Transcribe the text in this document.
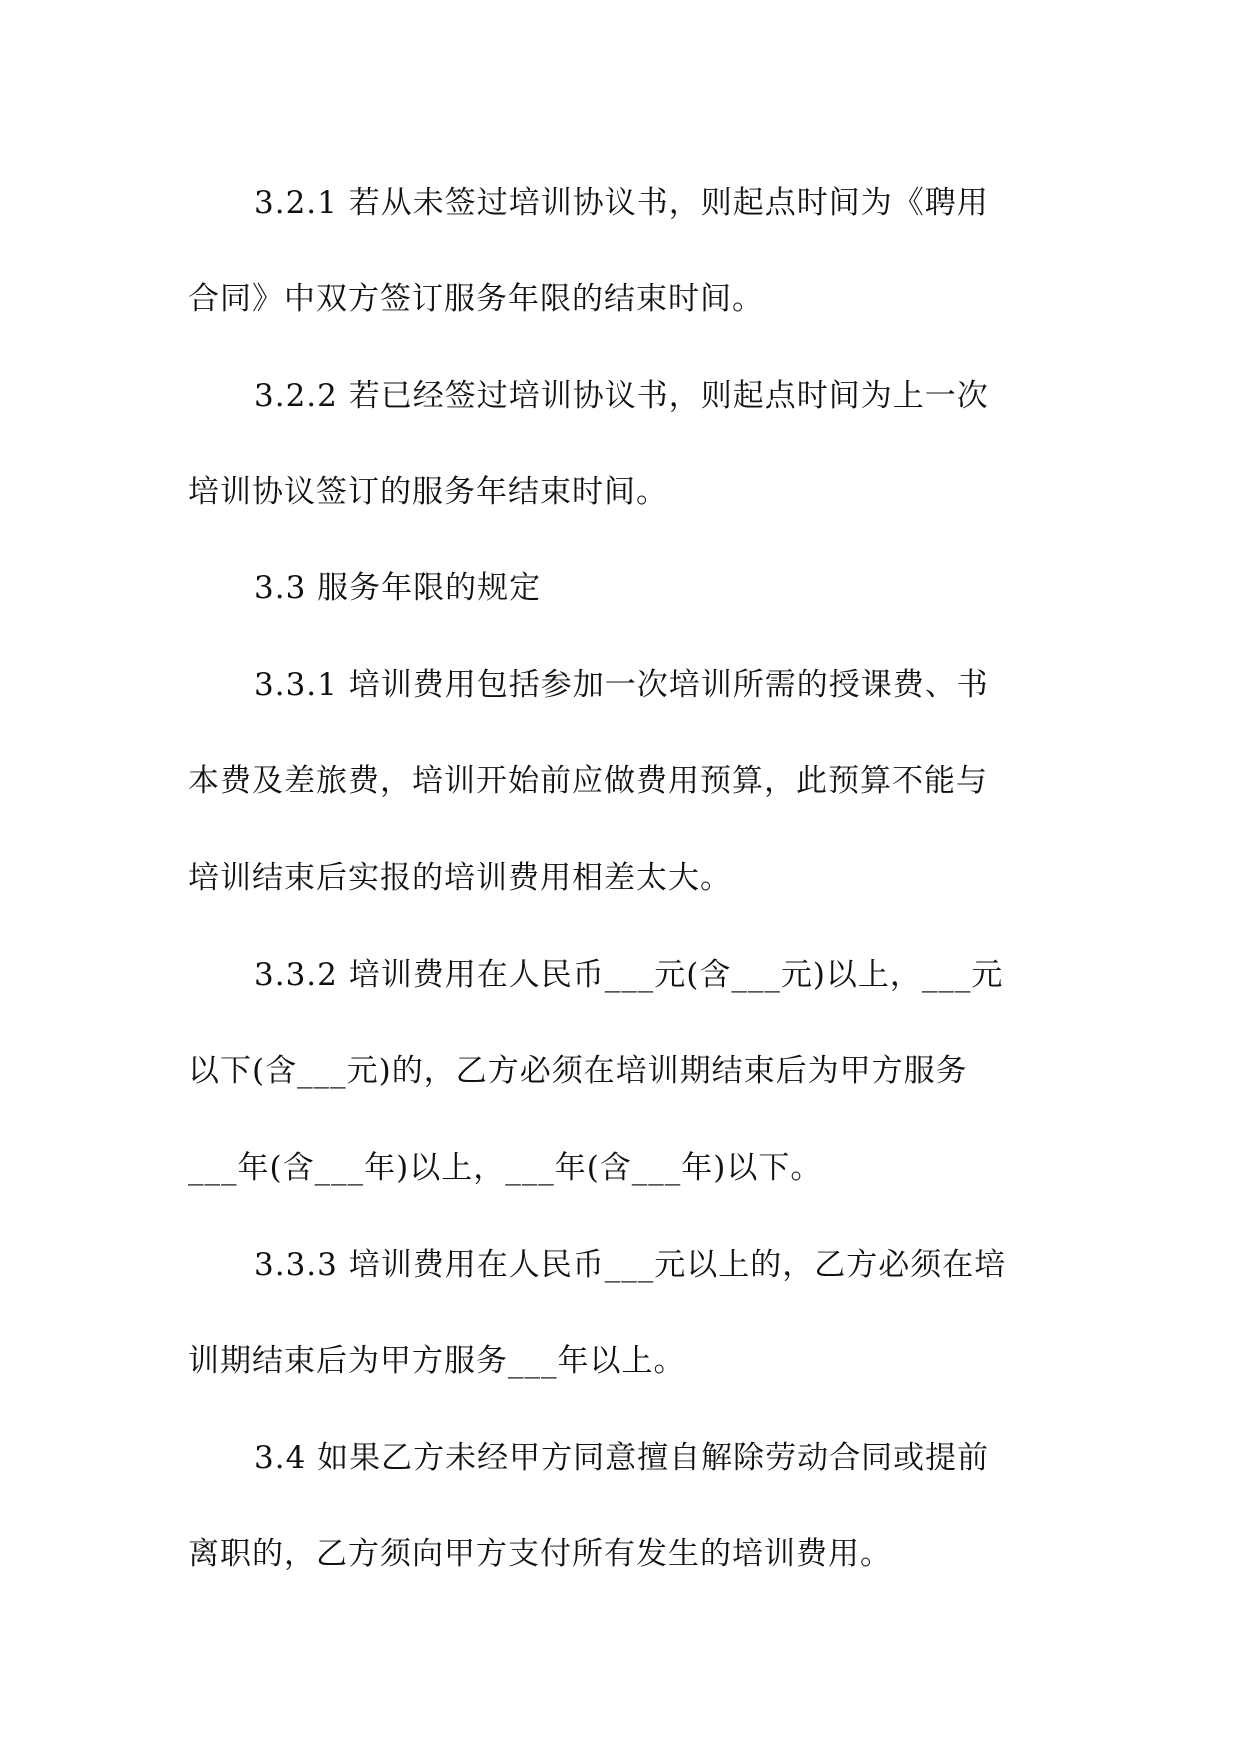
3.2.1 若从未签过培训协议书，则起点时间为《聘用
合同》中双方签订服务年限的结束时间。
3.2.2 若已经签过培训协议书，则起点时间为上一次
培训协议签订的服务年结束时间。
3.3 服务年限的规定
3.3.1 培训费用包括参加一次培训所需的授课费、书
本费及差旅费，培训开始前应做费用预算，此预算不能与
培训结束后实报的培训费用相差太大。
3.3.2 培训费用在人民币___元(含___元)以上，___元
以下(含___元)的，乙方必须在培训期结束后为甲方服务
___年(含___年)以上，___年(含___年)以下。
3.3.3 培训费用在人民币___元以上的，乙方必须在培
训期结束后为甲方服务___年以上。
3.4 如果乙方未经甲方同意擅自解除劳动合同或提前
离职的，乙方须向甲方支付所有发生的培训费用。
